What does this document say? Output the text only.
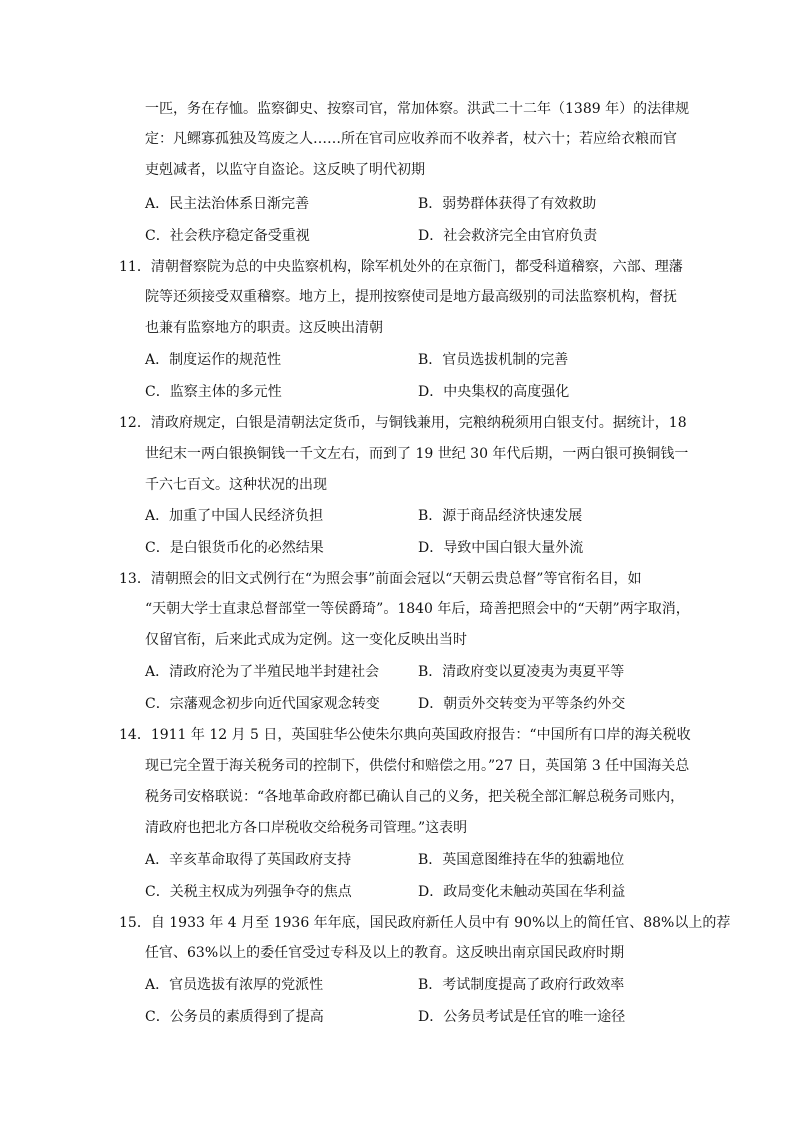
一匹，务在存恤。监察御史、按察司官，常加体察。洪武二十二年（1389 年）的法律规
定：凡鳏寡孤独及笃废之人……所在官司应收养而不收养者，杖六十；若应给衣粮而官
吏剋减者，以监守自盗论。这反映了明代初期
A．民主法治体系日渐完善	B．弱势群体获得了有效救助
C．社会秩序稳定备受重视	D．社会救济完全由官府负责
11．清朝督察院为总的中央监察机构，除军机处外的在京衙门，都受科道稽察，六部、理藩
院等还须接受双重稽察。地方上，提刑按察使司是地方最高级别的司法监察机构，督抚
也兼有监察地方的职责。这反映出清朝
A．制度运作的规范性	B．官员选拔机制的完善
C．监察主体的多元性	D．中央集权的高度强化
12．清政府规定，白银是清朝法定货币，与铜钱兼用，完粮纳税须用白银支付。据统计，18
世纪末一两白银换铜钱一千文左右，而到了 19 世纪 30 年代后期，一两白银可换铜钱一
千六七百文。这种状况的出现
A．加重了中国人民经济负担	B．源于商品经济快速发展
C．是白银货币化的必然结果	D．导致中国白银大量外流
13．清朝照会的旧文式例行在“为照会事”前面会冠以“天朝云贵总督”等官衔名目，如
“天朝大学士直隶总督部堂一等侯爵琦”。1840 年后，琦善把照会中的“天朝”两字取消，
仅留官衔，后来此式成为定例。这一变化反映出当时
A．清政府沦为了半殖民地半封建社会	B．清政府变以夏凌夷为夷夏平等
C．宗藩观念初步向近代国家观念转变	D．朝贡外交转变为平等条约外交
14．1911 年 12 月 5 日，英国驻华公使朱尔典向英国政府报告：“中国所有口岸的海关税收
现已完全置于海关税务司的控制下，供偿付和赔偿之用。”27 日，英国第 3 任中国海关总
税务司安格联说：“各地革命政府都已确认自己的义务，把关税全部汇解总税务司账内，
清政府也把北方各口岸税收交给税务司管理。”这表明
A．辛亥革命取得了英国政府支持	B．英国意图维持在华的独霸地位
C．关税主权成为列强争夺的焦点	D．政局变化未触动英国在华利益
15．自 1933 年 4 月至 1936 年年底，国民政府新任人员中有 90%以上的简任官、88%以上的荐
任官、63%以上的委任官受过专科及以上的教育。这反映出南京国民政府时期
A．官员选拔有浓厚的党派性	B．考试制度提高了政府行政效率
C．公务员的素质得到了提高	D．公务员考试是任官的唯一途径
